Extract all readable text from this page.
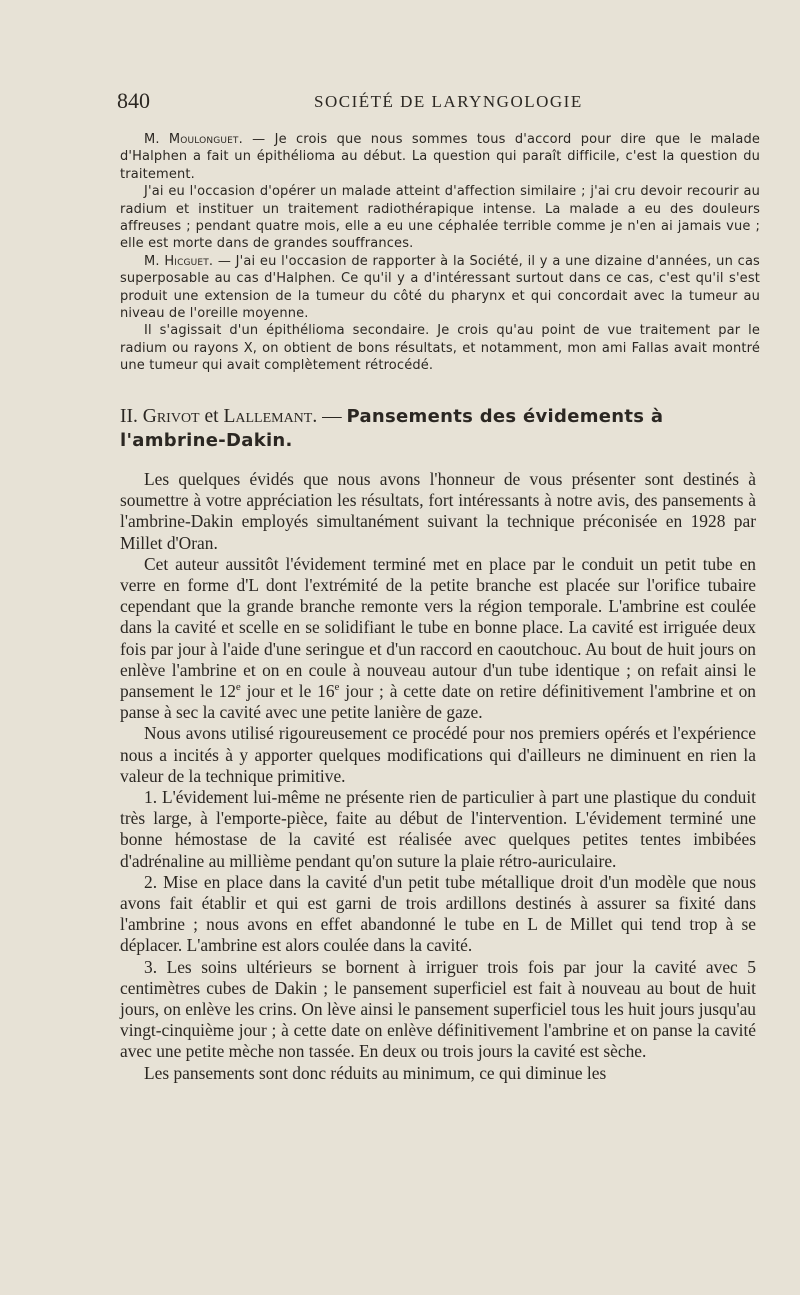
840	SOCIÉTÉ DE LARYNGOLOGIE

M. Moulonguet. — Je crois que nous sommes tous d'accord pour dire que le malade d'Halphen a fait un épithélioma au début. La question qui paraît difficile, c'est la question du traitement.

J'ai eu l'occasion d'opérer un malade atteint d'affection similaire ; j'ai cru devoir recourir au radium et instituer un traitement radiothérapique intense. La malade a eu des douleurs affreuses ; pendant quatre mois, elle a eu une céphalée terrible comme je n'en ai jamais vue ; elle est morte dans de grandes souffrances.

M. Hicguet. — J'ai eu l'occasion de rapporter à la Société, il y a une dizaine d'années, un cas superposable au cas d'Halphen. Ce qu'il y a d'intéressant surtout dans ce cas, c'est qu'il s'est produit une extension de la tumeur du côté du pharynx et qui concordait avec la tumeur au niveau de l'oreille moyenne.

Il s'agissait d'un épithélioma secondaire. Je crois qu'au point de vue traitement par le radium ou rayons X, on obtient de bons résultats, et notamment, mon ami Fallas avait montré une tumeur qui avait complètement rétrocédé.

II. Grivot et Lallemant. — Pansements des évidements à l'ambrine-Dakin.

Les quelques évidés que nous avons l'honneur de vous présenter sont destinés à soumettre à votre appréciation les résultats, fort intéressants à notre avis, des pansements à l'ambrine-Dakin employés simultanément suivant la technique préconisée en 1928 par Millet d'Oran.

Cet auteur aussitôt l'évidement terminé met en place par le conduit un petit tube en verre en forme d'L dont l'extrémité de la petite branche est placée sur l'orifice tubaire cependant que la grande branche remonte vers la région temporale. L'ambrine est coulée dans la cavité et scelle en se solidifiant le tube en bonne place. La cavité est irriguée deux fois par jour à l'aide d'une seringue et d'un raccord en caoutchouc. Au bout de huit jours on enlève l'ambrine et on en coule à nouveau autour d'un tube identique ; on refait ainsi le pansement le 12e jour et le 16e jour ; à cette date on retire définitivement l'ambrine et on panse à sec la cavité avec une petite lanière de gaze.

Nous avons utilisé rigoureusement ce procédé pour nos premiers opérés et l'expérience nous a incités à y apporter quelques modifications qui d'ailleurs ne diminuent en rien la valeur de la technique primitive.

1. L'évidement lui-même ne présente rien de particulier à part une plastique du conduit très large, à l'emporte-pièce, faite au début de l'intervention. L'évidement terminé une bonne hémostase de la cavité est réalisée avec quelques petites tentes imbibées d'adrénaline au millième pendant qu'on suture la plaie rétro-auriculaire.

2. Mise en place dans la cavité d'un petit tube métallique droit d'un modèle que nous avons fait établir et qui est garni de trois ardillons destinés à assurer sa fixité dans l'ambrine ; nous avons en effet abandonné le tube en L de Millet qui tend trop à se déplacer. L'ambrine est alors coulée dans la cavité.

3. Les soins ultérieurs se bornent à irriguer trois fois par jour la cavité avec 5 centimètres cubes de Dakin ; le pansement superficiel est fait à nouveau au bout de huit jours, on enlève les crins. On lève ainsi le pansement superficiel tous les huit jours jusqu'au vingt-cinquième jour ; à cette date on enlève définitivement l'ambrine et on panse la cavité avec une petite mèche non tassée. En deux ou trois jours la cavité est sèche.

Les pansements sont donc réduits au minimum, ce qui diminue les
